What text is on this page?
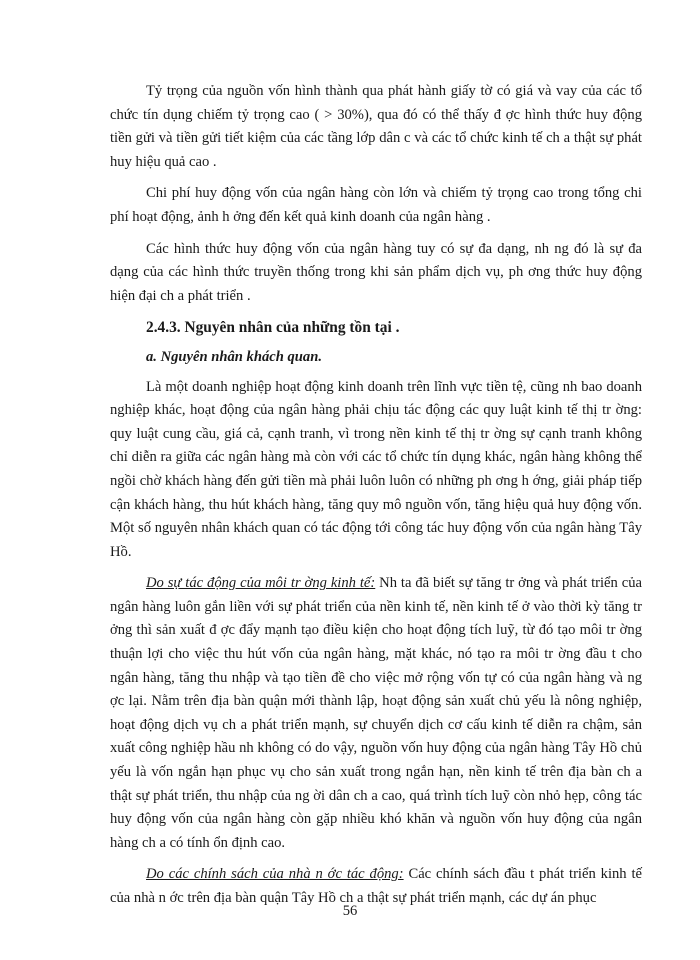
Tỷ trọng của nguồn vốn hình thành qua phát hành giấy tờ có giá và vay của các tổ chức tín dụng chiếm tỷ trọng cao ( > 30%), qua đó có thể thấy đ ợc hình thức huy động tiền gửi và tiền gửi tiết kiệm của các tầng lớp dân c và các tổ chức kinh tế ch a thật sự phát huy hiệu quả cao .

Chi phí huy động vốn của ngân hàng còn lớn và chiếm tỷ trọng cao trong tổng chi phí hoạt động, ảnh h ởng đến kết quả kinh doanh của ngân hàng .

Các hình thức huy động vốn của ngân hàng tuy có sự đa dạng, nh ng đó là sự đa dạng của các hình thức truyền thống trong khi sản phẩm dịch vụ, ph ơng thức huy động hiện đại ch a phát triển .

2.4.3. Nguyên nhân của những tồn tại .
a. Nguyên nhân khách quan.

Là một doanh nghiệp hoạt động kinh doanh trên lĩnh vực tiền tệ, cũng nh bao doanh nghiệp khác, hoạt động của ngân hàng phải chịu tác động các quy luật kinh tế thị tr ờng: quy luật cung cầu, giá cả, cạnh tranh, vì trong nền kinh tế thị tr ờng sự cạnh tranh không chỉ diễn ra giữa các ngân hàng mà còn với các tổ chức tín dụng khác, ngân hàng không thể ngồi chờ khách hàng đến gửi tiền mà phải luôn luôn có những ph ơng h ớng, giải pháp tiếp cận khách hàng, thu hút khách hàng, tăng quy mô nguồn vốn, tăng hiệu quả huy động vốn. Một số nguyên nhân khách quan có tác động tới công tác huy động vốn của ngân hàng Tây Hồ.

Do sự tác động của môi tr ờng kinh tế: Nh ta đã biết sự tăng tr ởng và phát triển của ngân hàng luôn gắn liền với sự phát triển của nền kinh tế, nền kinh tế ở vào thời kỳ tăng tr ởng thì sản xuất đ ợc đẩy mạnh tạo điều kiện cho hoạt động tích luỹ, từ đó tạo môi tr ờng thuận lợi cho việc thu hút vốn của ngân hàng, mặt khác, nó tạo ra môi tr ờng đầu t cho ngân hàng, tăng thu nhập và tạo tiền đề cho việc mở rộng vốn tự có của ngân hàng và ng ợc lại. Nằm trên địa bàn quận mới thành lập, hoạt động sản xuất chủ yếu là nông nghiệp, hoạt động dịch vụ ch a phát triển mạnh, sự chuyển dịch cơ cấu kinh tế diễn ra chậm, sản xuất công nghiệp hầu nh không có do vậy, nguồn vốn huy động của ngân hàng Tây Hồ chủ yếu là vốn ngắn hạn phục vụ cho sản xuất trong ngắn hạn, nền kinh tế trên địa bàn ch a thật sự phát triển, thu nhập của ng ời dân ch a cao, quá trình tích luỹ còn nhỏ hẹp, công tác huy động vốn của ngân hàng còn gặp nhiều khó khăn và nguồn vốn huy động của ngân hàng ch a có tính ổn định cao.

Do các chính sách của nhà n ớc tác động: Các chính sách đầu t phát triển kinh tế của nhà n ớc trên địa bàn quận Tây Hồ ch a thật sự phát triển mạnh, các dự án phục

56
